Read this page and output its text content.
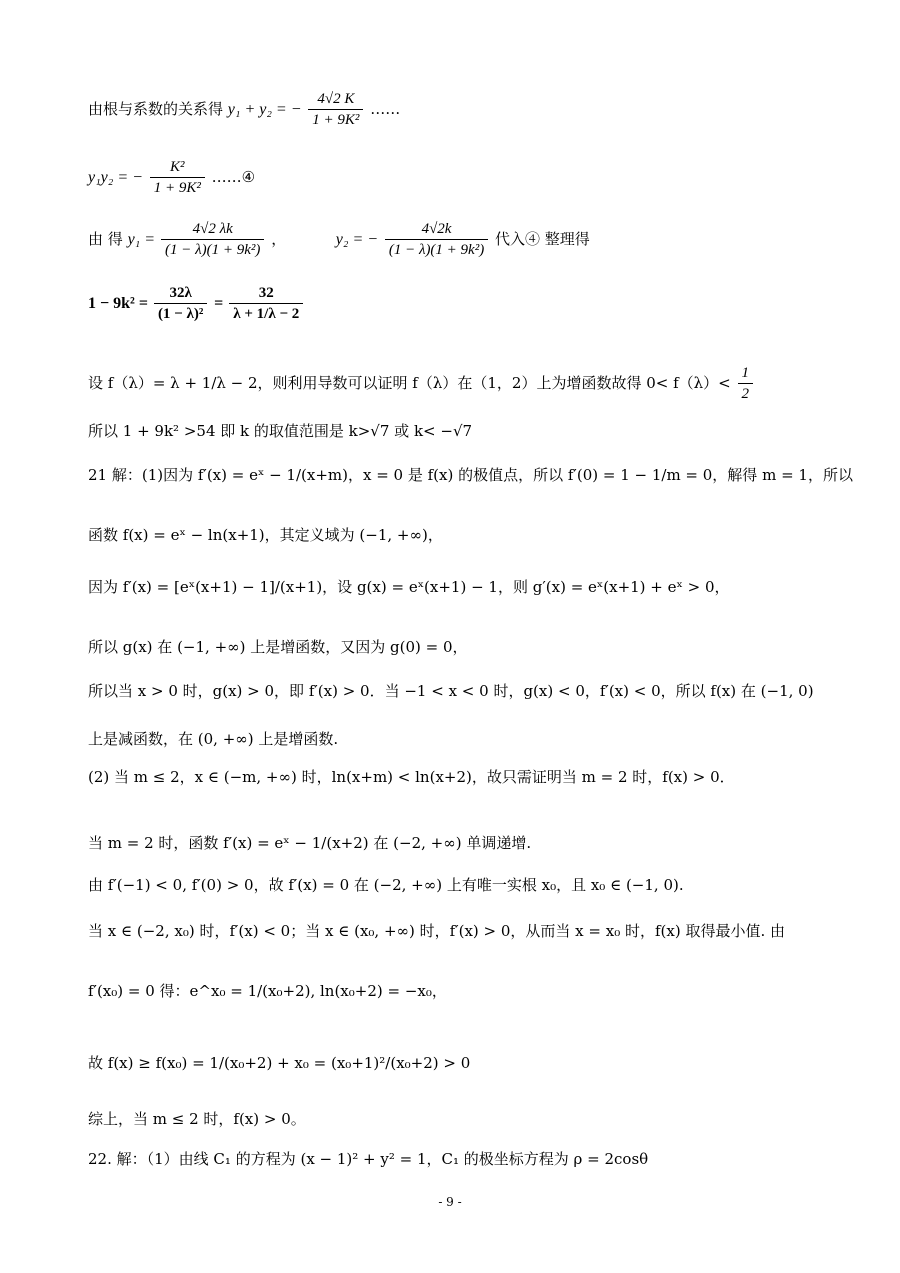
由根与系数的关系得 y₁ + y₂ = − $\frac{4√2 K}{\text{1 + 9K²}}$ ……
y₁y₂ = − $\frac{\text{K²}}{\text{1 + 9K²}}$ ……④
由 得 $y_1 = \frac{4√2 \lambda k}{\text{(1 − λ)(1 + 9k²)}}$ ，	y₂ = − $\frac{4√2k}{\text{(1 − λ)(1 + 9k²)}}$ 代入④ 整理得
$1 - 9k^2 = \frac{32\lambda}{\text{(1 − λ)²}} = \frac{32}{\lambda + 1/\lambda - 2}$
设 f（λ）= λ + 1/λ − 2，则利用导数可以证明 f（λ）在（1，2）上为增函数故得 $0< f(\lambda)< \frac{1}{2}$
所以 1 + 9k² >54 即 k 的取值范围是 k>√7 或 k< −√7
21 解：(1)因为 f′(x) = eˣ − 1/(x+m)，x = 0 是 f(x) 的极值点，所以 f′(0) = 1 − 1/m = 0，解得 m = 1，所以
函数 f(x) = eˣ − ln(x+1)，其定义域为 (−1, +∞)，
因为 f′(x) = [eˣ(x+1) − 1]/(x+1)，设 g(x) = eˣ(x+1) − 1，则 g′(x) = eˣ(x+1) + eˣ > 0，
所以 g(x) 在 (−1, +∞) 上是增函数，又因为 g(0) = 0，
所以当 x > 0 时，g(x) > 0，即 f′(x) > 0．当 −1 < x < 0 时，g(x) < 0，f′(x) < 0，所以 f(x) 在 (−1, 0)
上是减函数，在 (0, +∞) 上是增函数.
(2) 当 m ≤ 2，x ∈ (−m, +∞) 时，ln(x+m) < ln(x+2)，故只需证明当 m = 2 时，f(x) > 0．
当 m = 2 时，函数 f′(x) = eˣ − 1/(x+2) 在 (−2, +∞) 单调递增.
由 f′(−1) < 0, f′(0) > 0，故 f′(x) = 0 在 (−2, +∞) 上有唯一实根 x₀，且 x₀ ∈ (−1, 0).
当 x ∈ (−2, x₀) 时，f′(x) < 0；当 x ∈ (x₀, +∞) 时，f′(x) > 0，从而当 x = x₀ 时，f(x) 取得最小值. 由
f′(x₀) = 0 得：e^x₀ = 1/(x₀+2), ln(x₀+2) = −x₀，
故 f(x) ≥ f(x₀) = 1/(x₀+2) + x₀ = (x₀+1)²/(x₀+2) > 0
综上，当 m ≤ 2 时，f(x) > 0。
22. 解：（1）由线 C₁ 的方程为 (x − 1)² + y² = 1，C₁ 的极坐标方程为 ρ = 2cosθ
- 9 -
